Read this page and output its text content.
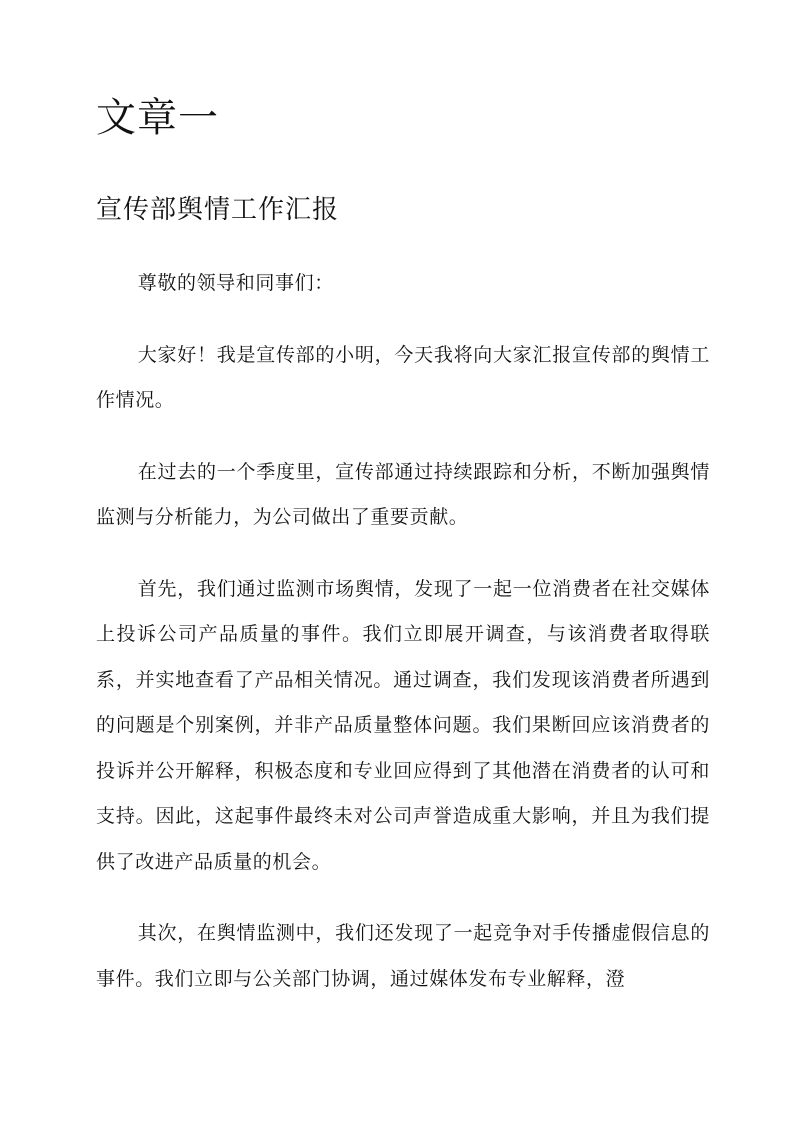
文章一
宣传部舆情工作汇报

尊敬的领导和同事们：

大家好！我是宣传部的小明，今天我将向大家汇报宣传部的舆情工作情况。

在过去的一个季度里，宣传部通过持续跟踪和分析，不断加强舆情监测与分析能力，为公司做出了重要贡献。

首先，我们通过监测市场舆情，发现了一起一位消费者在社交媒体上投诉公司产品质量的事件。我们立即展开调查，与该消费者取得联系，并实地查看了产品相关情况。通过调查，我们发现该消费者所遇到的问题是个别案例，并非产品质量整体问题。我们果断回应该消费者的投诉并公开解释，积极态度和专业回应得到了其他潜在消费者的认可和支持。因此，这起事件最终未对公司声誉造成重大影响，并且为我们提供了改进产品质量的机会。

其次，在舆情监测中，我们还发现了一起竞争对手传播虚假信息的事件。我们立即与公关部门协调，通过媒体发布专业解释，澄
